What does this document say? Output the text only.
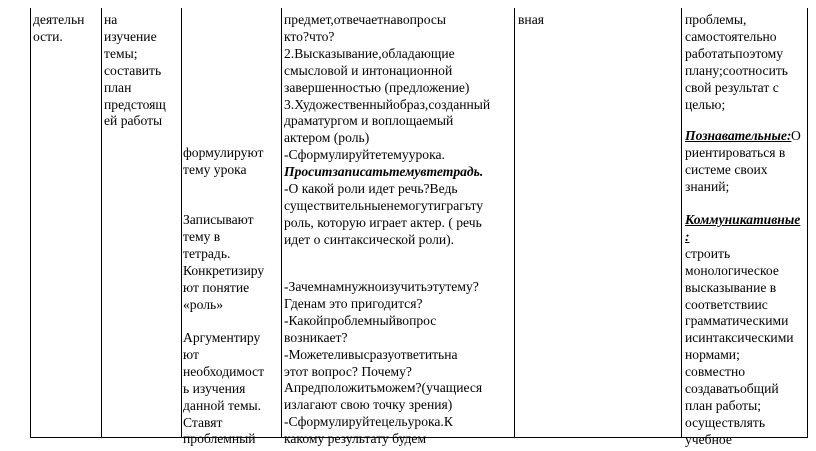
деятельн
ости.
на
изучение
темы;
составить
план
предстоящ
ей работы
формулируют
тему урока
Записывают
тему в
тетрадь.
Конкретизиру
ют понятие
«роль»
Аргументиру
ют
необходимост
ь изучения
данной темы.
Ставят
проблемный
предмет,отвечаетнавопросы
кто?что?
2.Высказывание,обладающие
смысловой и интонационной
завершенностью (предложение)
3.Художественныйобраз,созданный
драматургом и воплощаемый
актером (роль)
-Сформулируйтетемуурока.
Проситзаписатьтемувтетрадь.
-О какой роли идет речь?Ведь
существительныенемогутиграгьту
роль, которую играет актер. ( речь
идет о синтаксической роли).
-Зачемнамнужноизучитьэтутему?
Гденам это пригодится?
-Какойпроблемныйвопрос
возникает?
-Можетеливысразуответитьна
этот вопрос? Почему?
Апредположитьможем?(учащиеся
излагают свою точку зрения)
-Сформулируйтецельурока.К
какому результату будем
вная	проблемы,
самостоятельно
работатьпоэтому
плану;соотносить
свой результат с
целью;
Познавательные: О
риентироваться в
системе своих
знаний;
Коммуникативные
:
строить
монологическое
высказывание в
соответствиис
грамматическими
исинтаксическими
нормами;
совместно
создаватьобщий
план работы;
осуществлять
учебное
